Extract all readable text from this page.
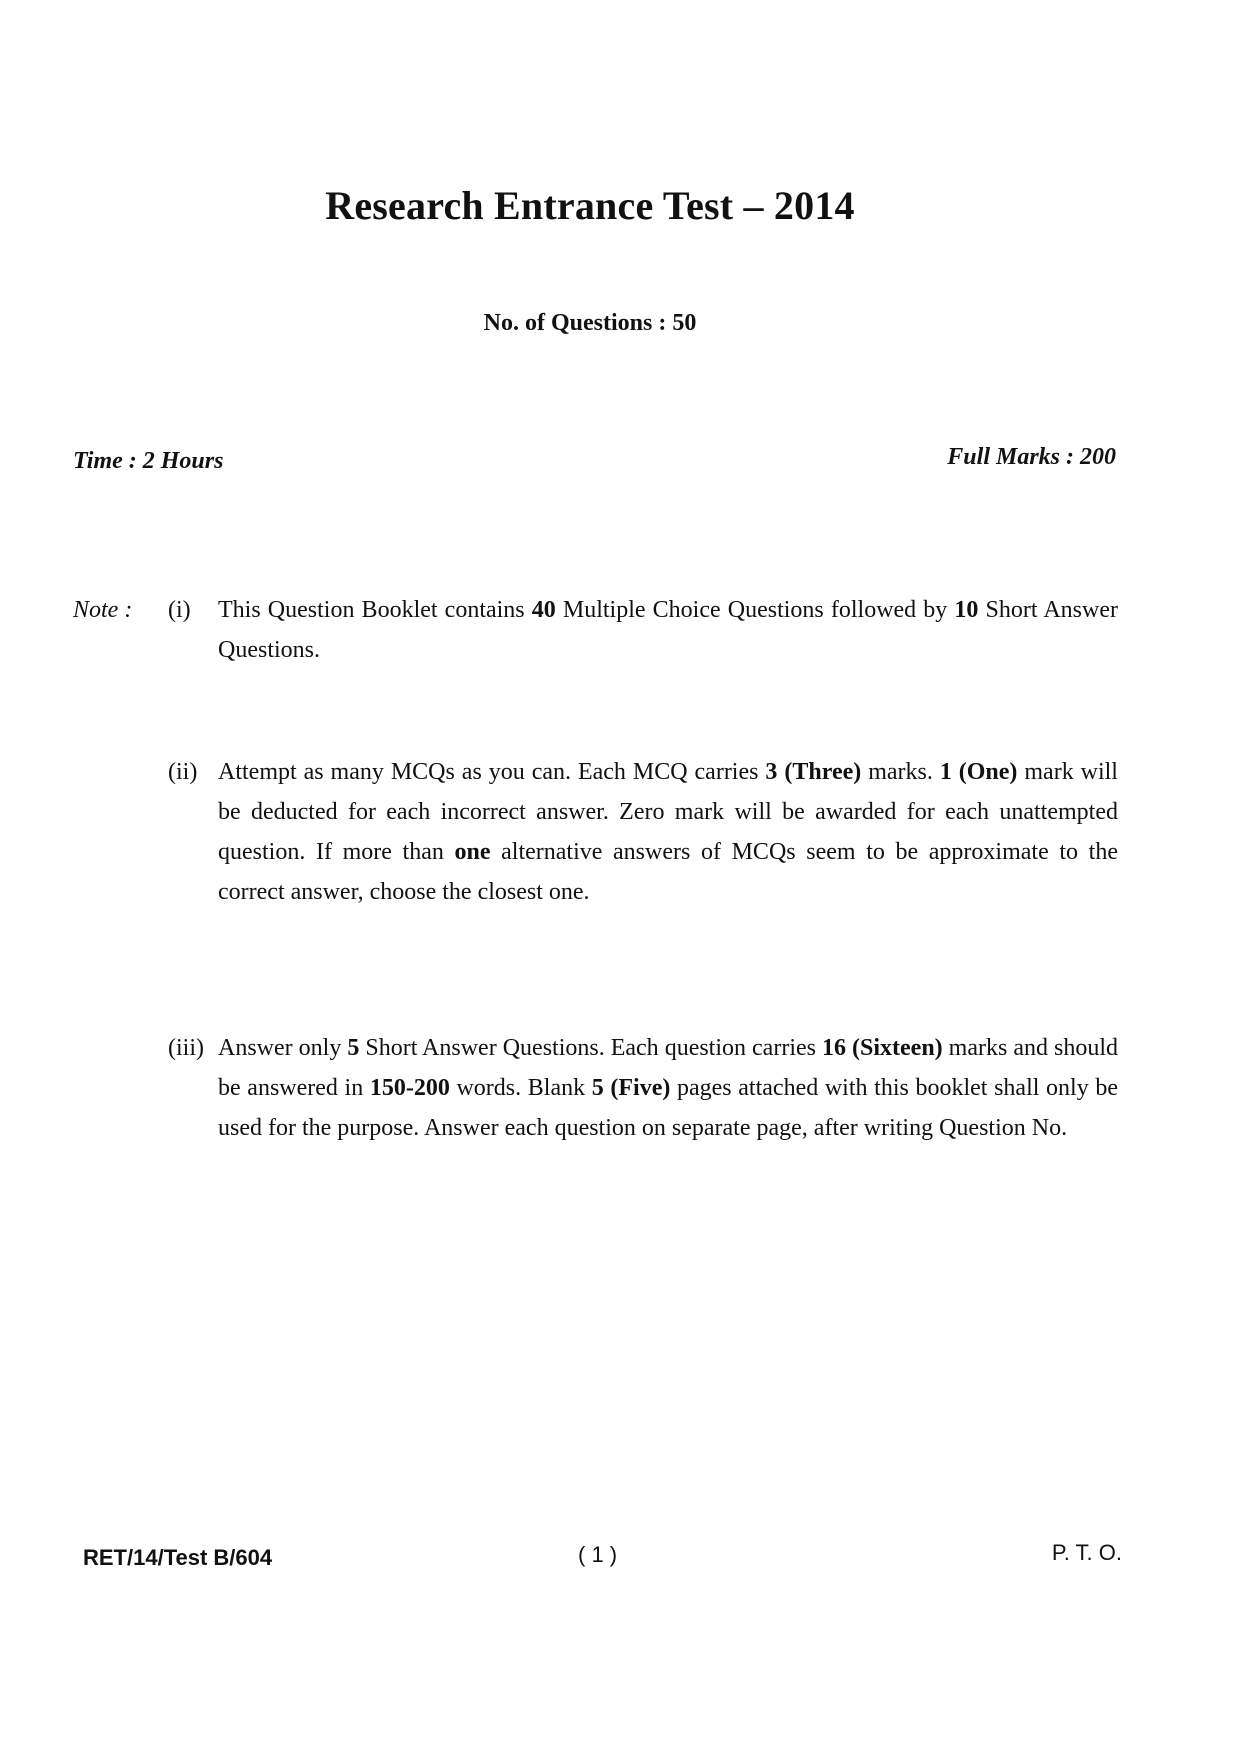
Research Entrance Test – 2014
No. of Questions : 50
Time : 2 Hours	Full Marks : 200
Note : (i) This Question Booklet contains 40 Multiple Choice Questions followed by 10 Short Answer Questions.
(ii) Attempt as many MCQs as you can. Each MCQ carries 3 (Three) marks. 1 (One) mark will be deducted for each incorrect answer. Zero mark will be awarded for each unattempted question. If more than one alternative answers of MCQs seem to be approximate to the correct answer, choose the closest one.
(iii) Answer only 5 Short Answer Questions. Each question carries 16 (Sixteen) marks and should be answered in 150-200 words. Blank 5 (Five) pages attached with this booklet shall only be used for the purpose. Answer each question on separate page, after writing Question No.
RET/14/Test B/604	( 1 )	P. T. O.
